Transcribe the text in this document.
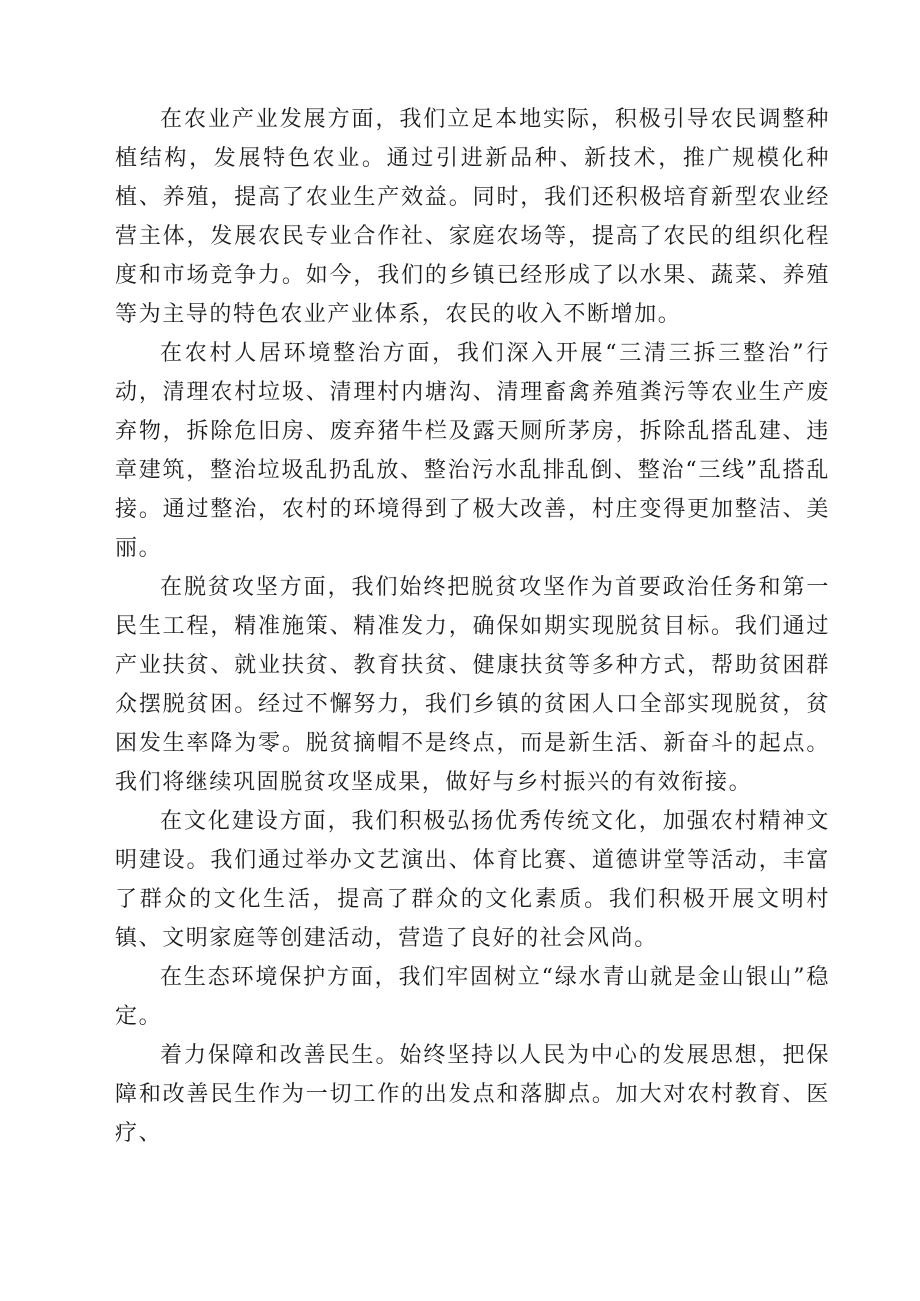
在农业产业发展方面，我们立足本地实际，积极引导农民调整种植结构，发展特色农业。通过引进新品种、新技术，推广规模化种植、养殖，提高了农业生产效益。同时，我们还积极培育新型农业经营主体，发展农民专业合作社、家庭农场等，提高了农民的组织化程度和市场竞争力。如今，我们的乡镇已经形成了以水果、蔬菜、养殖等为主导的特色农业产业体系，农民的收入不断增加。

在农村人居环境整治方面，我们深入开展“三清三拆三整治”行动，清理农村垃圾、清理村内塘沟、清理畜禽养殖粪污等农业生产废弃物，拆除危旧房、废弃猪牛栏及露天厕所茅房，拆除乱搭乱建、违章建筑，整治垃圾乱扔乱放、整治污水乱排乱倒、整治“三线”乱搭乱接。通过整治，农村的环境得到了极大改善，村庄变得更加整洁、美丽。

在脱贫攻坚方面，我们始终把脱贫攻坚作为首要政治任务和第一民生工程，精准施策、精准发力，确保如期实现脱贫目标。我们通过产业扶贫、就业扶贫、教育扶贫、健康扶贫等多种方式，帮助贫困群众摆脱贫困。经过不懈努力，我们乡镇的贫困人口全部实现脱贫，贫困发生率降为零。脱贫摘帽不是终点，而是新生活、新奋斗的起点。我们将继续巩固脱贫攻坚成果，做好与乡村振兴的有效衔接。

在文化建设方面，我们积极弘扬优秀传统文化，加强农村精神文明建设。我们通过举办文艺演出、体育比赛、道德讲堂等活动，丰富了群众的文化生活，提高了群众的文化素质。我们积极开展文明村镇、文明家庭等创建活动，营造了良好的社会风尚。

在生态环境保护方面，我们牢固树立“绿水青山就是金山银山”稳定。

着力保障和改善民生。始终坚持以人民为中心的发展思想，把保障和改善民生作为一切工作的出发点和落脚点。加大对农村教育、医疗、
